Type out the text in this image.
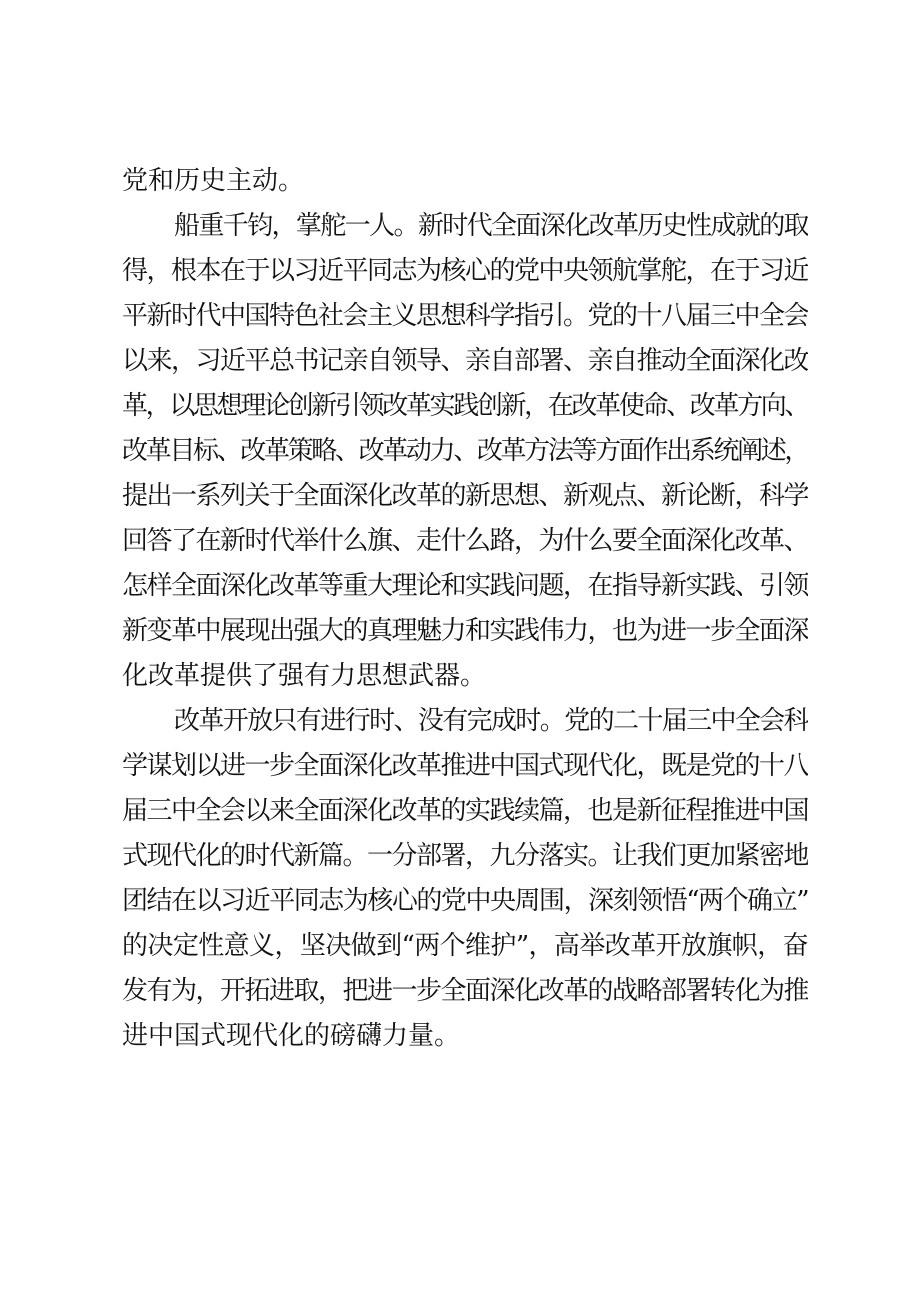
党和历史主动。
船重千钧，掌舵一人。新时代全面深化改革历史性成就的取
得，根本在于以习近平同志为核心的党中央领航掌舵，在于习近
平新时代中国特色社会主义思想科学指引。党的十八届三中全会
以来，习近平总书记亲自领导、亲自部署、亲自推动全面深化改
革，以思想理论创新引领改革实践创新，在改革使命、改革方向、
改革目标、改革策略、改革动力、改革方法等方面作出系统阐述，
提出一系列关于全面深化改革的新思想、新观点、新论断，科学
回答了在新时代举什么旗、走什么路，为什么要全面深化改革、
怎样全面深化改革等重大理论和实践问题，在指导新实践、引领
新变革中展现出强大的真理魅力和实践伟力，也为进一步全面深
化改革提供了强有力思想武器。
改革开放只有进行时、没有完成时。党的二十届三中全会科
学谋划以进一步全面深化改革推进中国式现代化，既是党的十八
届三中全会以来全面深化改革的实践续篇，也是新征程推进中国
式现代化的时代新篇。一分部署，九分落实。让我们更加紧密地
团结在以习近平同志为核心的党中央周围，深刻领悟“两个确立”
的决定性意义，坚决做到“两个维护”，高举改革开放旗帜，奋
发有为，开拓进取，把进一步全面深化改革的战略部署转化为推
进中国式现代化的磅礴力量。
